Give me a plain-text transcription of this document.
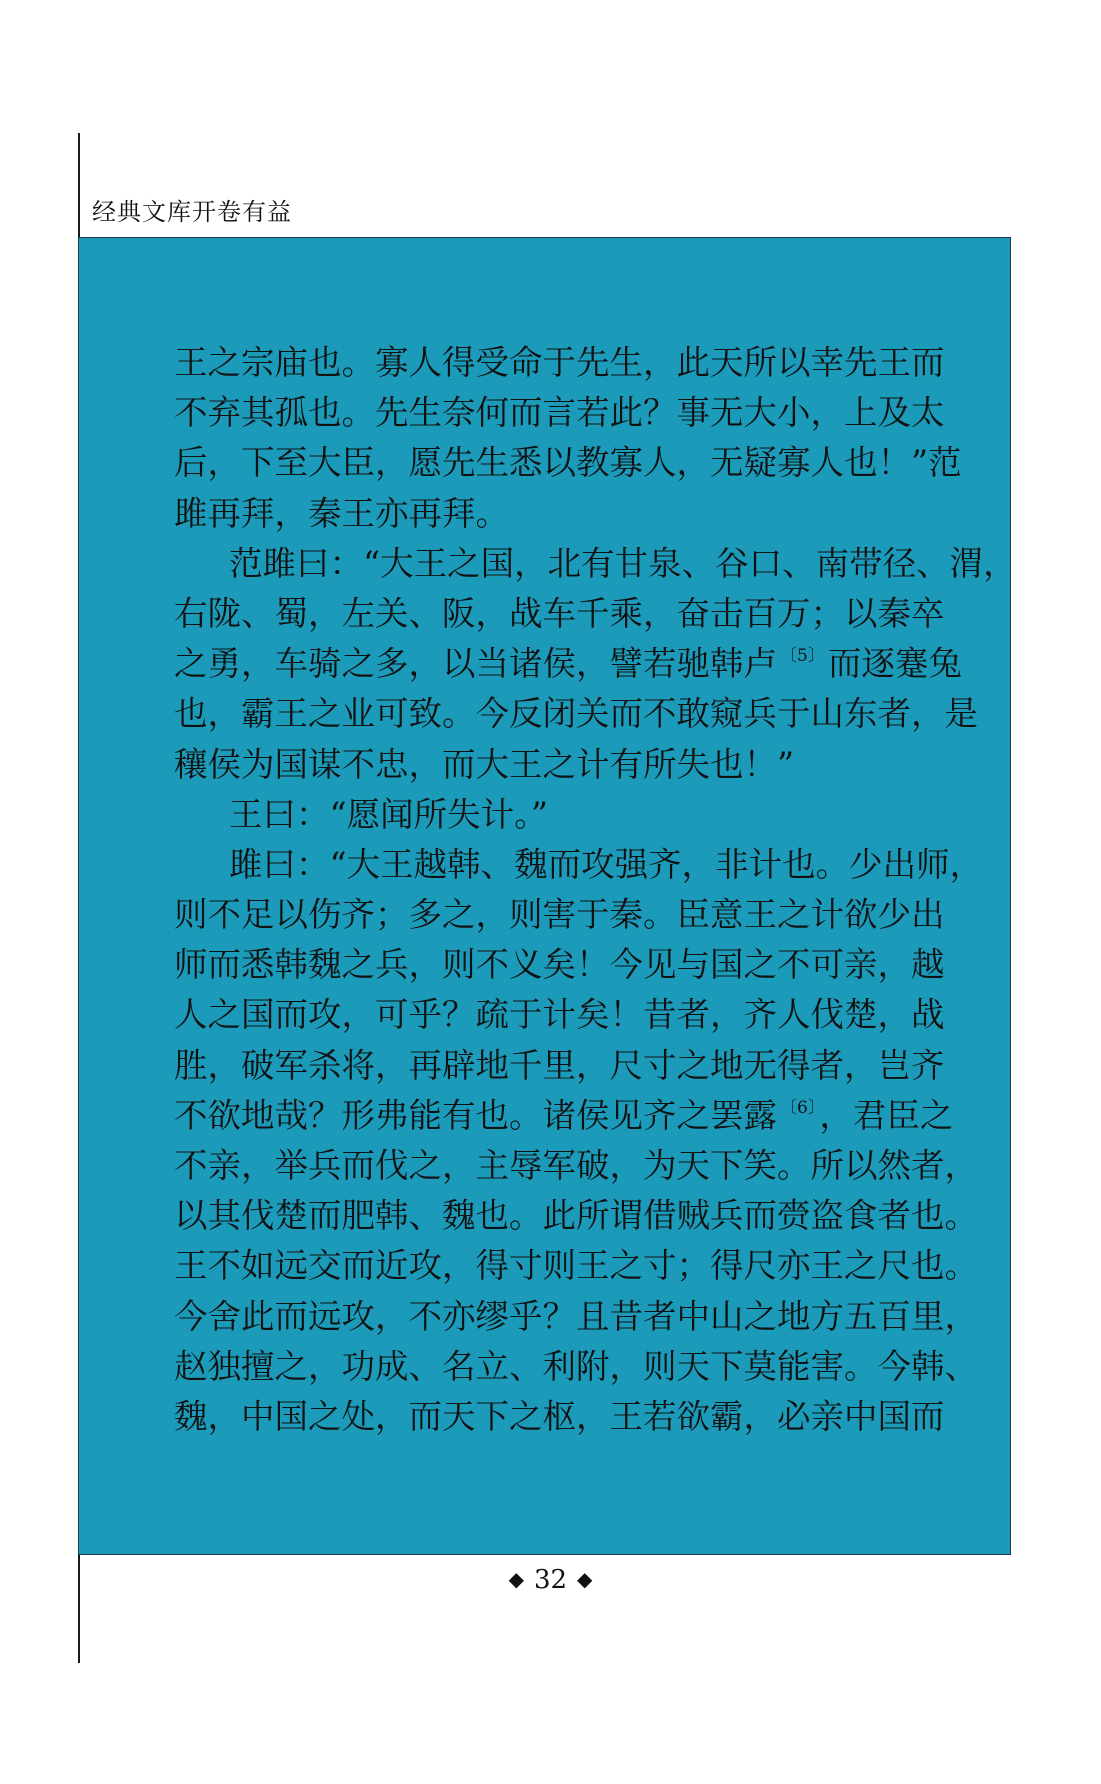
经典文库开卷有益
王之宗庙也。寡人得受命于先生，此天所以幸先王而
不弃其孤也。先生奈何而言若此？事无大小，上及太
后，下至大臣，愿先生悉以教寡人，无疑寡人也！”范
雎再拜，秦王亦再拜。
范雎曰：“大王之国，北有甘泉、谷口、南带径、渭，
右陇、蜀，左关、阪，战车千乘，奋击百万；以秦卒
之勇，车骑之多，以当诸侯，譬若驰韩卢 $^{〔5〕}$而逐蹇兔
也，霸王之业可致。今反闭关而不敢窥兵于山东者，是
穰侯为国谋不忠，而大王之计有所失也！”
王曰：“愿闻所失计。”
雎曰：“大王越韩、魏而攻强齐，非计也。少出师，
则不足以伤齐；多之，则害于秦。臣意王之计欲少出
师而悉韩魏之兵，则不义矣！今见与国之不可亲，越
人之国而攻，可乎？疏于计矣！昔者，齐人伐楚，战
胜，破军杀将，再辟地千里，尺寸之地无得者，岂齐
不欲地哉？形弗能有也。诸侯见齐之罢露 $^{〔6〕}$，君臣之
不亲，举兵而伐之，主辱军破，为天下笑。所以然者，
以其伐楚而肥韩、魏也。此所谓借贼兵而赍盗食者也。
王不如远交而近攻，得寸则王之寸；得尺亦王之尺也。
今舍此而远攻，不亦缪乎？且昔者中山之地方五百里，
赵独擅之，功成、名立、利附，则天下莫能害。今韩、
魏，中国之处，而天下之枢，王若欲霸，必亲中国而
◆ 32 ◆
